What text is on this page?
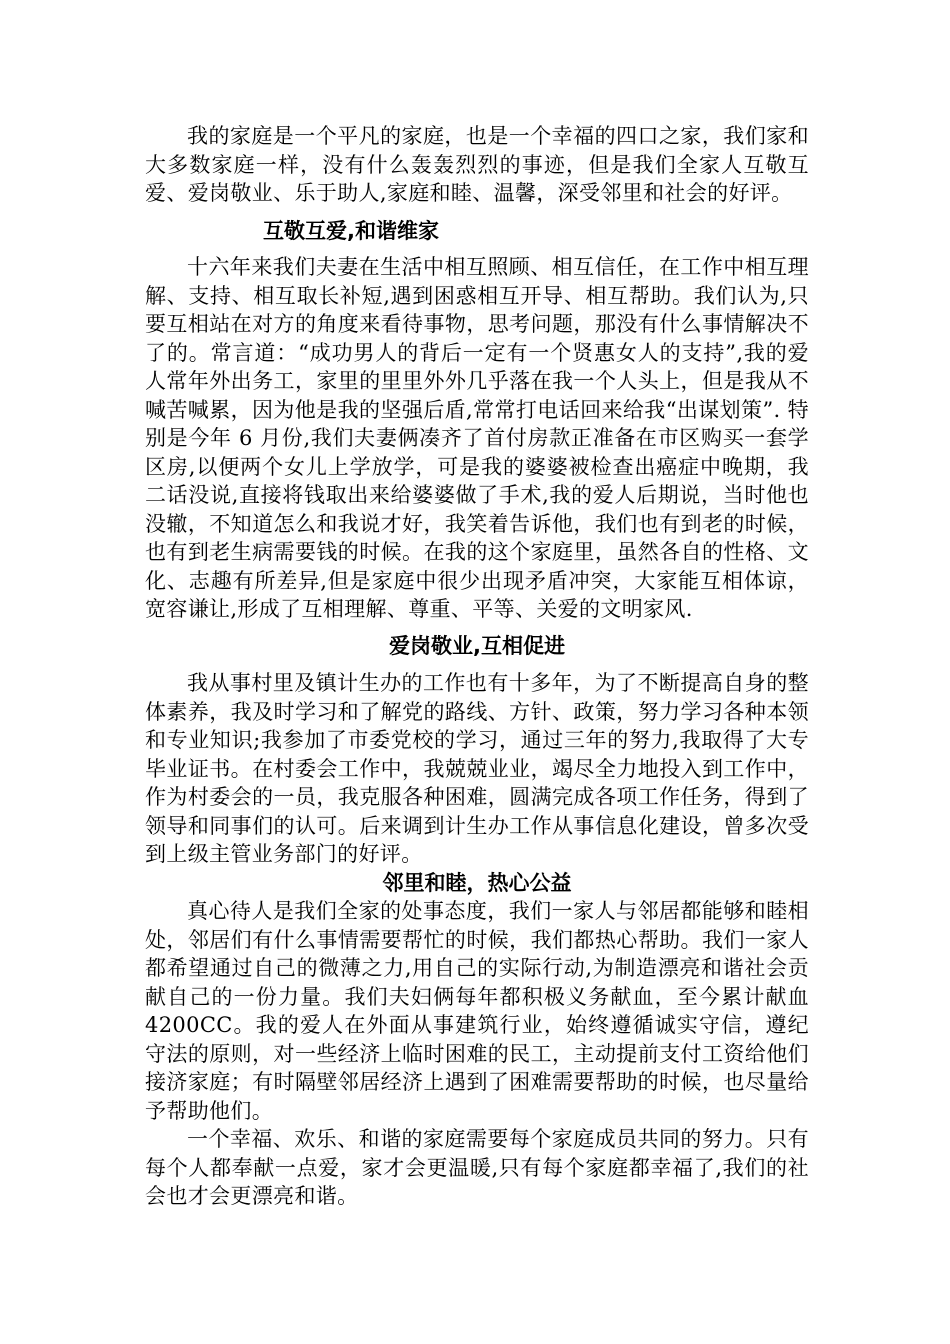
我的家庭是一个平凡的家庭，也是一个幸福的四口之家，我们家和大多数家庭一样，没有什么轰轰烈烈的事迹，但是我们全家人互敬互爱、爱岗敬业、乐于助人,家庭和睦、温馨，深受邻里和社会的好评。

互敬互爱,和谐维家

十六年来我们夫妻在生活中相互照顾、相互信任，在工作中相互理解、支持、相互取长补短,遇到困惑相互开导、相互帮助。我们认为,只要互相站在对方的角度来看待事物，思考问题，那没有什么事情解决不了的。常言道：“成功男人的背后一定有一个贤惠女人的支持”,我的爱人常年外出务工，家里的里里外外几乎落在我一个人头上，但是我从不喊苦喊累，因为他是我的坚强后盾,常常打电话回来给我“出谋划策”. 特别是今年 6 月份,我们夫妻俩凑齐了首付房款正准备在市区购买一套学区房,以便两个女儿上学放学，可是我的婆婆被检查出癌症中晚期，我二话没说,直接将钱取出来给婆婆做了手术,我的爱人后期说，当时他也没辙，不知道怎么和我说才好，我笑着告诉他，我们也有到老的时候，也有到老生病需要钱的时候。在我的这个家庭里，虽然各自的性格、文化、志趣有所差异,但是家庭中很少出现矛盾冲突，大家能互相体谅，宽容谦让,形成了互相理解、尊重、平等、关爱的文明家风.

爱岗敬业,互相促进

我从事村里及镇计生办的工作也有十多年，为了不断提高自身的整体素养，我及时学习和了解党的路线、方针、政策，努力学习各种本领和专业知识;我参加了市委党校的学习，通过三年的努力,我取得了大专毕业证书。在村委会工作中，我兢兢业业，竭尽全力地投入到工作中，作为村委会的一员，我克服各种困难，圆满完成各项工作任务，得到了领导和同事们的认可。后来调到计生办工作从事信息化建设，曾多次受到上级主管业务部门的好评。

邻里和睦，热心公益

真心待人是我们全家的处事态度，我们一家人与邻居都能够和睦相处，邻居们有什么事情需要帮忙的时候，我们都热心帮助。我们一家人都希望通过自己的微薄之力,用自己的实际行动,为制造漂亮和谐社会贡献自己的一份力量。我们夫妇俩每年都积极义务献血，至今累计献血 4200CC。我的爱人在外面从事建筑行业，始终遵循诚实守信，遵纪守法的原则，对一些经济上临时困难的民工，主动提前支付工资给他们接济家庭；有时隔壁邻居经济上遇到了困难需要帮助的时候，也尽量给予帮助他们。

一个幸福、欢乐、和谐的家庭需要每个家庭成员共同的努力。只有每个人都奉献一点爱，家才会更温暖,只有每个家庭都幸福了,我们的社会也才会更漂亮和谐。
